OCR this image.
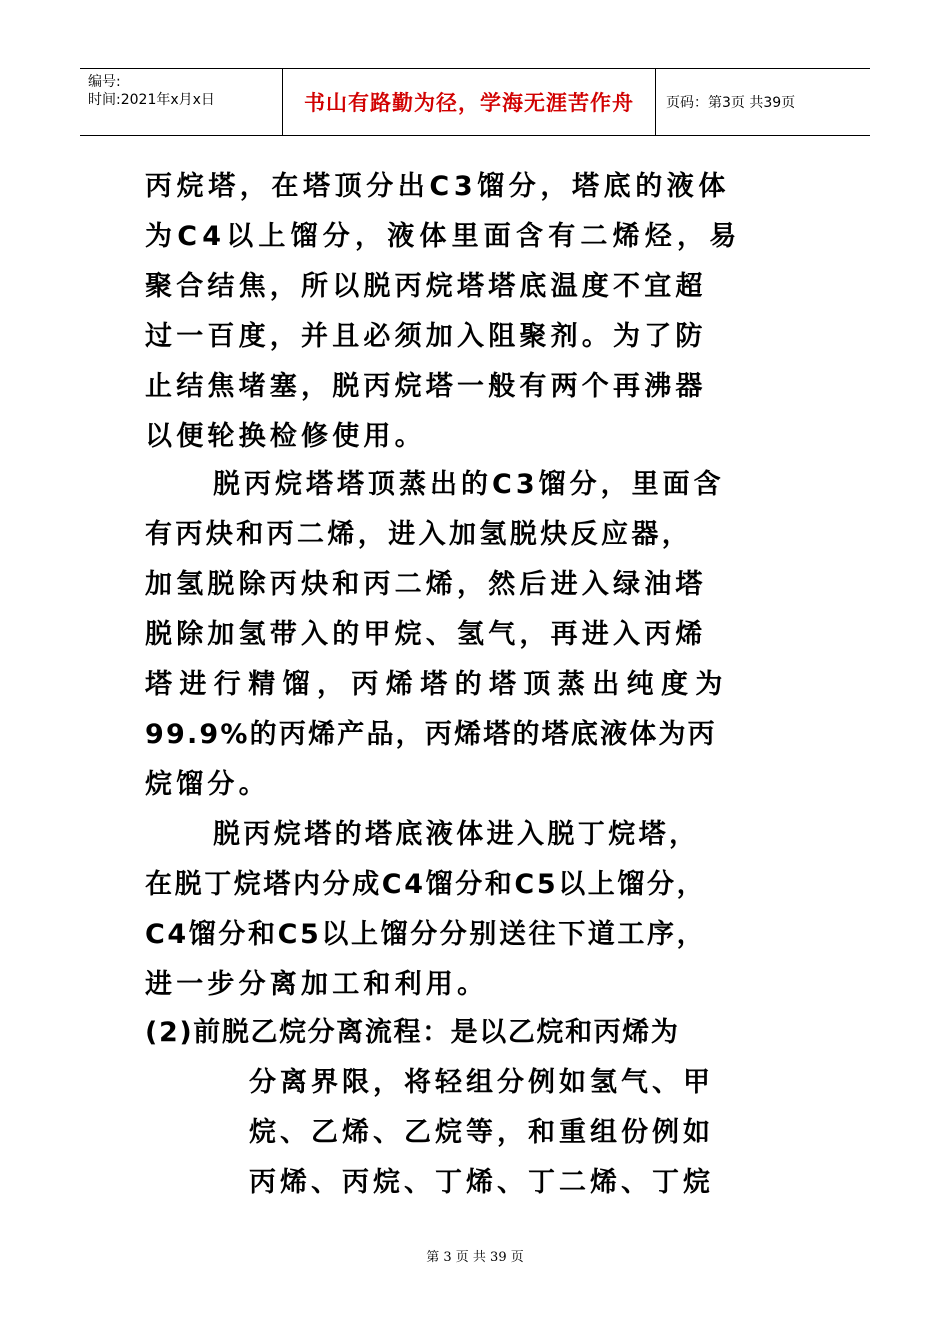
编号:
时间:2021年x月x日	书山有路勤为径，学海无涯苦作舟 页码：第3页 共39页
丙烷塔，在塔顶分出C3馏分，塔底的液体
为C4以上馏分，液体里面含有二烯烃，易
聚合结焦，所以脱丙烷塔塔底温度不宜超
过一百度，并且必须加入阻聚剂。为了防
止结焦堵塞，脱丙烷塔一般有两个再沸器
以便轮换检修使用。
脱丙烷塔塔顶蒸出的C3馏分，里面含
有丙炔和丙二烯，进入加氢脱炔反应器，
加氢脱除丙炔和丙二烯，然后进入绿油塔
脱除加氢带入的甲烷、氢气，再进入丙烯
塔进行精馏，丙烯塔的塔顶蒸出纯度为
99.9%的丙烯产品，丙烯塔的塔底液体为丙
烷馏分。
脱丙烷塔的塔底液体进入脱丁烷塔，
在脱丁烷塔内分成C4馏分和C5以上馏分，
C4馏分和C5以上馏分分别送往下道工序，
进一步分离加工和利用。
(2)前脱乙烷分离流程：是以乙烷和丙烯为
分离界限，将轻组分例如氢气、甲
烷、乙烯、乙烷等，和重组份例如
丙烯、丙烷、丁烯、丁二烯、丁烷
第 3 页 共 39 页
